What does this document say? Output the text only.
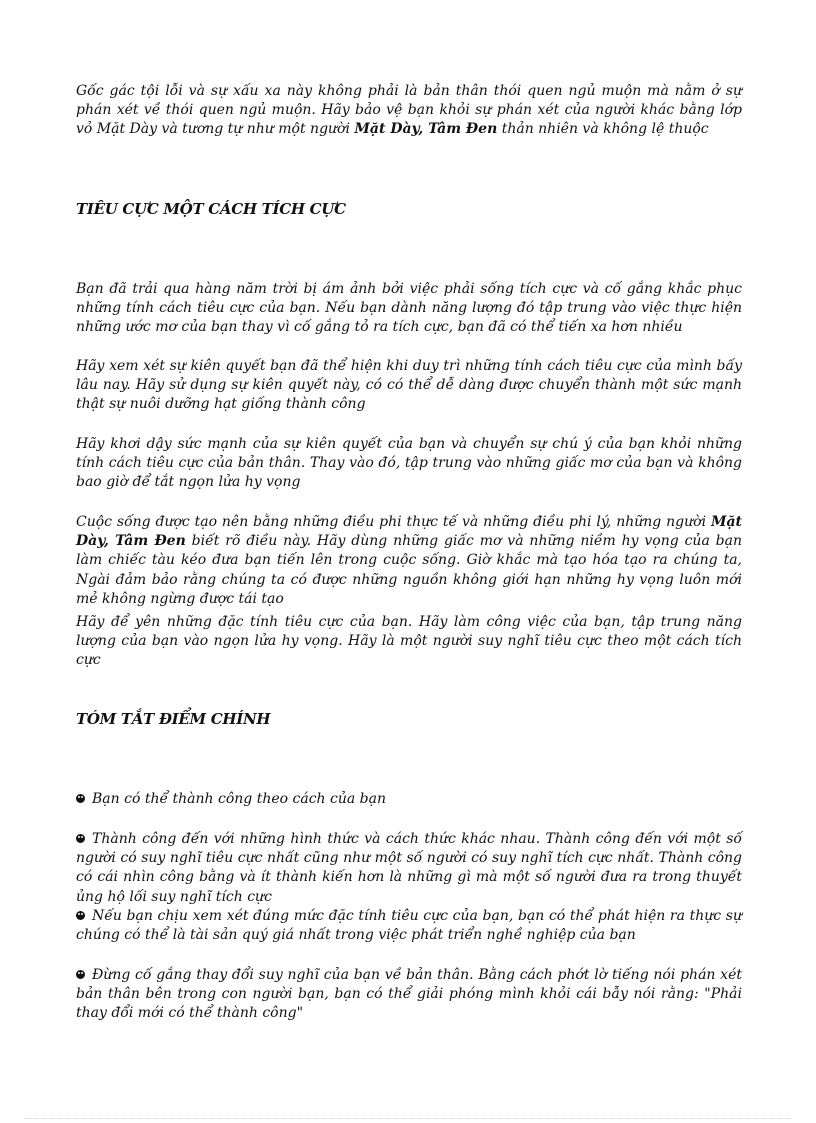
Gốc gác tội lỗi và sự xấu xa này không phải là bản thân thói quen ngủ muộn mà nằm ở sự phán xét về thói quen ngủ muộn. Hãy bảo vệ bạn khỏi sự phán xét của người khác bằng lớp vỏ Mặt Dày và tương tự như một người Mặt Dày, Tâm Đen thản nhiên và không lệ thuộc

TIÊU CỰC MỘT CÁCH TÍCH CỰC

Bạn đã trải qua hàng năm trời bị ám ảnh bởi việc phải sống tích cực và cố gắng khắc phục những tính cách tiêu cực của bạn. Nếu bạn dành năng lượng đó tập trung vào việc thực hiện những ước mơ của bạn thay vì cố gắng tỏ ra tích cực, bạn đã có thể tiến xa hơn nhiều

Hãy xem xét sự kiên quyết bạn đã thể hiện khi duy trì những tính cách tiêu cực của mình bấy lâu nay. Hãy sử dụng sự kiên quyết này, có có thể dễ dàng được chuyển thành một sức mạnh thật sự nuôi dưỡng hạt giống thành công

Hãy khơi dậy sức mạnh của sự kiên quyết của bạn và chuyển sự chú ý của bạn khỏi những tính cách tiêu cực của bản thân. Thay vào đó, tập trung vào những giấc mơ của bạn và không bao giờ để tắt ngọn lửa hy vọng

Cuộc sống được tạo nên bằng những điều phi thực tế và những điều phi lý, những người Mặt Dày, Tâm Đen biết rõ điều này. Hãy dùng những giấc mơ và những niềm hy vọng của bạn làm chiếc tàu kéo đưa bạn tiến lên trong cuộc sống. Giờ khắc mà tạo hóa tạo ra chúng ta, Ngài đảm bảo rằng chúng ta có được những nguồn không giới hạn những hy vọng luôn mới mẻ không ngừng được tái tạo

Hãy để yên những đặc tính tiêu cực của bạn. Hãy làm công việc của bạn, tập trung năng lượng của bạn vào ngọn lửa hy vọng. Hãy là một người suy nghĩ tiêu cực theo một cách tích cực

TÓM TẮT ĐIỂM CHÍNH

Bạn có thể thành công theo cách của bạn

Thành công đến với những hình thức và cách thức khác nhau. Thành công đến với một số người có suy nghĩ tiêu cực nhất cũng như một số người có suy nghĩ tích cực nhất. Thành công có cái nhìn công bằng và ít thành kiến hơn là những gì mà một số người đưa ra trong thuyết ủng hộ lối suy nghĩ tích cực

Nếu bạn chịu xem xét đúng mức đặc tính tiêu cực của bạn, bạn có thể phát hiện ra thực sự chúng có thể là tài sản quý giá nhất trong việc phát triển nghề nghiệp của bạn

Đừng cố gắng thay đổi suy nghĩ của bạn về bản thân. Bằng cách phớt lờ tiếng nói phán xét bản thân bên trong con người bạn, bạn có thể giải phóng mình khỏi cái bẫy nói rằng: "Phải thay đổi mới có thể thành công"
